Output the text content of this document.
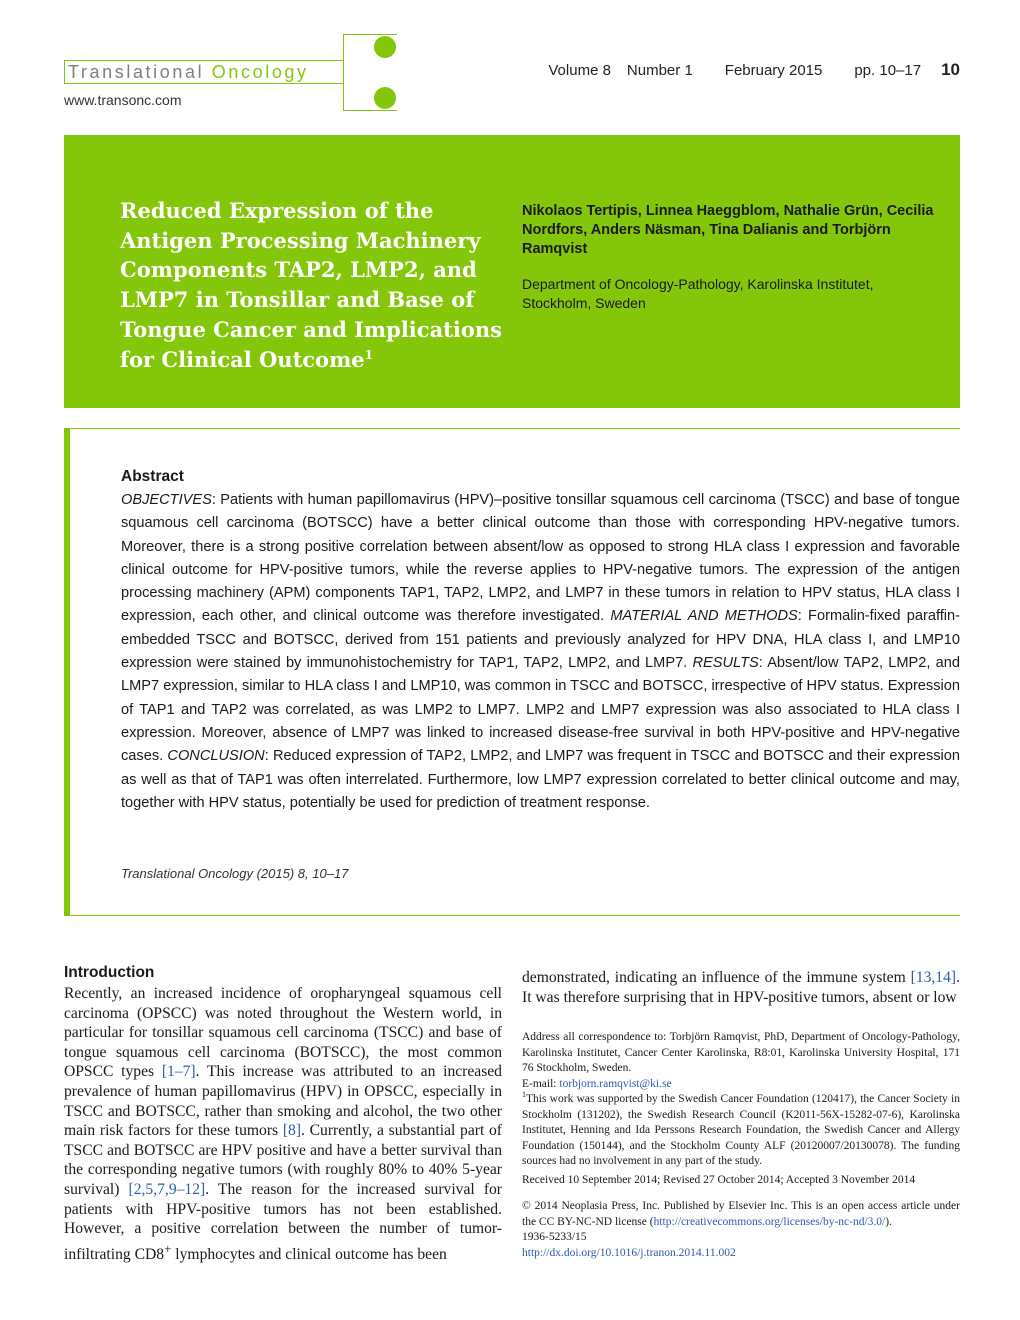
Translational Oncology
www.transonc.com
Volume 8 Number 1 February 2015 pp. 10–17 10
Reduced Expression of the Antigen Processing Machinery Components TAP2, LMP2, and LMP7 in Tonsillar and Base of Tongue Cancer and Implications for Clinical Outcome$^1$
Nikolaos Tertipis, Linnea Haeggblom, Nathalie Grün, Cecilia Nordfors, Anders Näsman, Tina Dalianis and Torbjörn Ramqvist
Department of Oncology-Pathology, Karolinska Institutet, Stockholm, Sweden
Abstract
OBJECTIVES: Patients with human papillomavirus (HPV)–positive tonsillar squamous cell carcinoma (TSCC) and base of tongue squamous cell carcinoma (BOTSCC) have a better clinical outcome than those with corresponding HPV-negative tumors. Moreover, there is a strong positive correlation between absent/low as opposed to strong HLA class I expression and favorable clinical outcome for HPV-positive tumors, while the reverse applies to HPV-negative tumors. The expression of the antigen processing machinery (APM) components TAP1, TAP2, LMP2, and LMP7 in these tumors in relation to HPV status, HLA class I expression, each other, and clinical outcome was therefore investigated. MATERIAL AND METHODS: Formalin-fixed paraffin-embedded TSCC and BOTSCC, derived from 151 patients and previously analyzed for HPV DNA, HLA class I, and LMP10 expression were stained by immunohistochemistry for TAP1, TAP2, LMP2, and LMP7. RESULTS: Absent/low TAP2, LMP2, and LMP7 expression, similar to HLA class I and LMP10, was common in TSCC and BOTSCC, irrespective of HPV status. Expression of TAP1 and TAP2 was correlated, as was LMP2 to LMP7. LMP2 and LMP7 expression was also associated to HLA class I expression. Moreover, absence of LMP7 was linked to increased disease-free survival in both HPV-positive and HPV-negative cases. CONCLUSION: Reduced expression of TAP2, LMP2, and LMP7 was frequent in TSCC and BOTSCC and their expression as well as that of TAP1 was often interrelated. Furthermore, low LMP7 expression correlated to better clinical outcome and may, together with HPV status, potentially be used for prediction of treatment response.
Translational Oncology (2015) 8, 10–17
Introduction
Recently, an increased incidence of oropharyngeal squamous cell carcinoma (OPSCC) was noted throughout the Western world, in particular for tonsillar squamous cell carcinoma (TSCC) and base of tongue squamous cell carcinoma (BOTSCC), the most common OPSCC types [1–7]. This increase was attributed to an increased prevalence of human papillomavirus (HPV) in OPSCC, especially in TSCC and BOTSCC, rather than smoking and alcohol, the two other main risk factors for these tumors [8]. Currently, a substantial part of TSCC and BOTSCC are HPV positive and have a better survival than the corresponding negative tumors (with roughly 80% to 40% 5-year survival) [2,5,7,9–12]. The reason for the increased survival for patients with HPV-positive tumors has not been established. However, a positive correlation between the number of tumor-infiltrating CD8+ lymphocytes and clinical outcome has been
demonstrated, indicating an influence of the immune system [13,14]. It was therefore surprising that in HPV-positive tumors, absent or low
Address all correspondence to: Torbjörn Ramqvist, PhD, Department of Oncology-Pathology, Karolinska Institutet, Cancer Center Karolinska, R8:01, Karolinska University Hospital, 171 76 Stockholm, Sweden.
E-mail: torbjorn.ramqvist@ki.se
$^1$This work was supported by the Swedish Cancer Foundation (120417), the Cancer Society in Stockholm (131202), the Swedish Research Council (K2011-56X-15282-07-6), Karolinska Institutet, Henning and Ida Perssons Research Foundation, the Swedish Cancer and Allergy Foundation (150144), and the Stockholm County ALF (20120007/20130078). The funding sources had no involvement in any part of the study.
Received 10 September 2014; Revised 27 October 2014; Accepted 3 November 2014
© 2014 Neoplasia Press, Inc. Published by Elsevier Inc. This is an open access article under the CC BY-NC-ND license (http://creativecommons.org/licenses/by-nc-nd/3.0/).
1936-5233/15
http://dx.doi.org/10.1016/j.tranon.2014.11.002
